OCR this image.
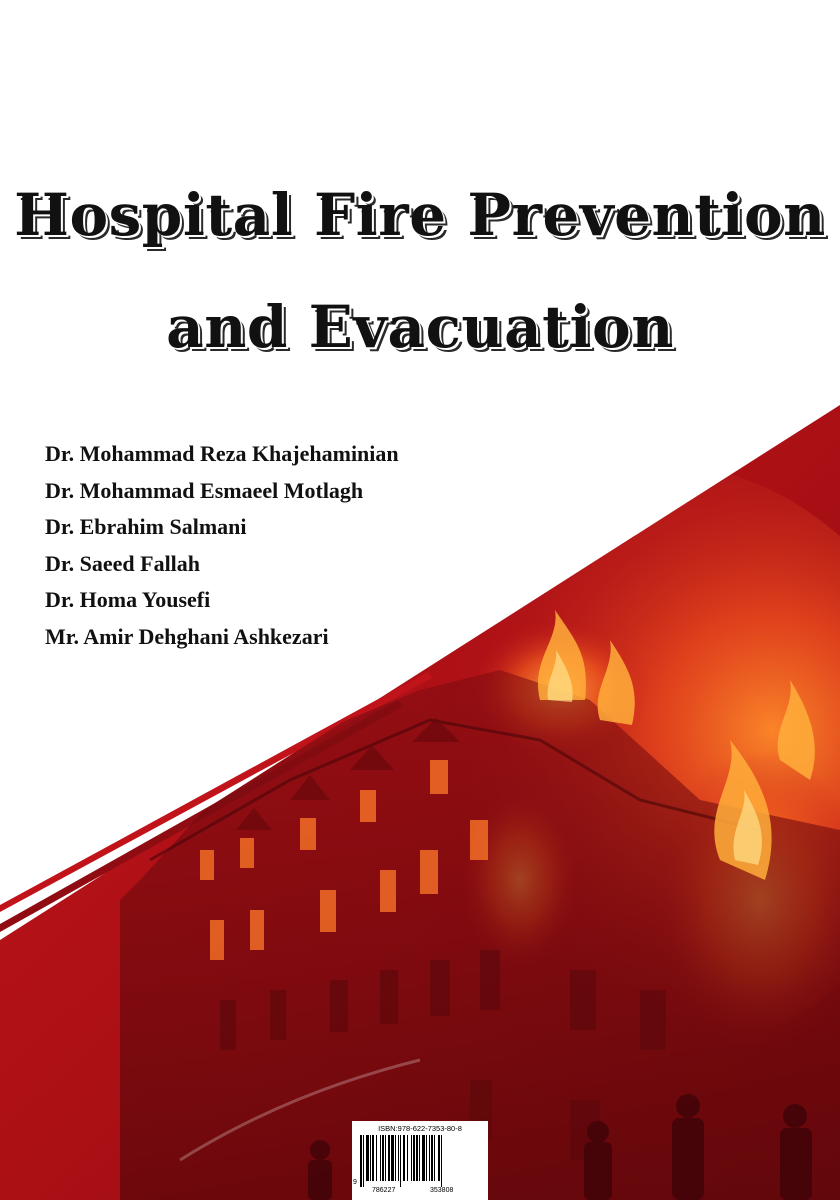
Hospital Fire Prevention
and Evacuation
Dr. Mohammad Reza Khajehaminian
Dr. Mohammad Esmaeel Motlagh
Dr. Ebrahim Salmani
Dr. Saeed Fallah
Dr. Homa Yousefi
Mr. Amir Dehghani Ashkezari
ISBN:978-622-7353-80-8
9
786227	353808
